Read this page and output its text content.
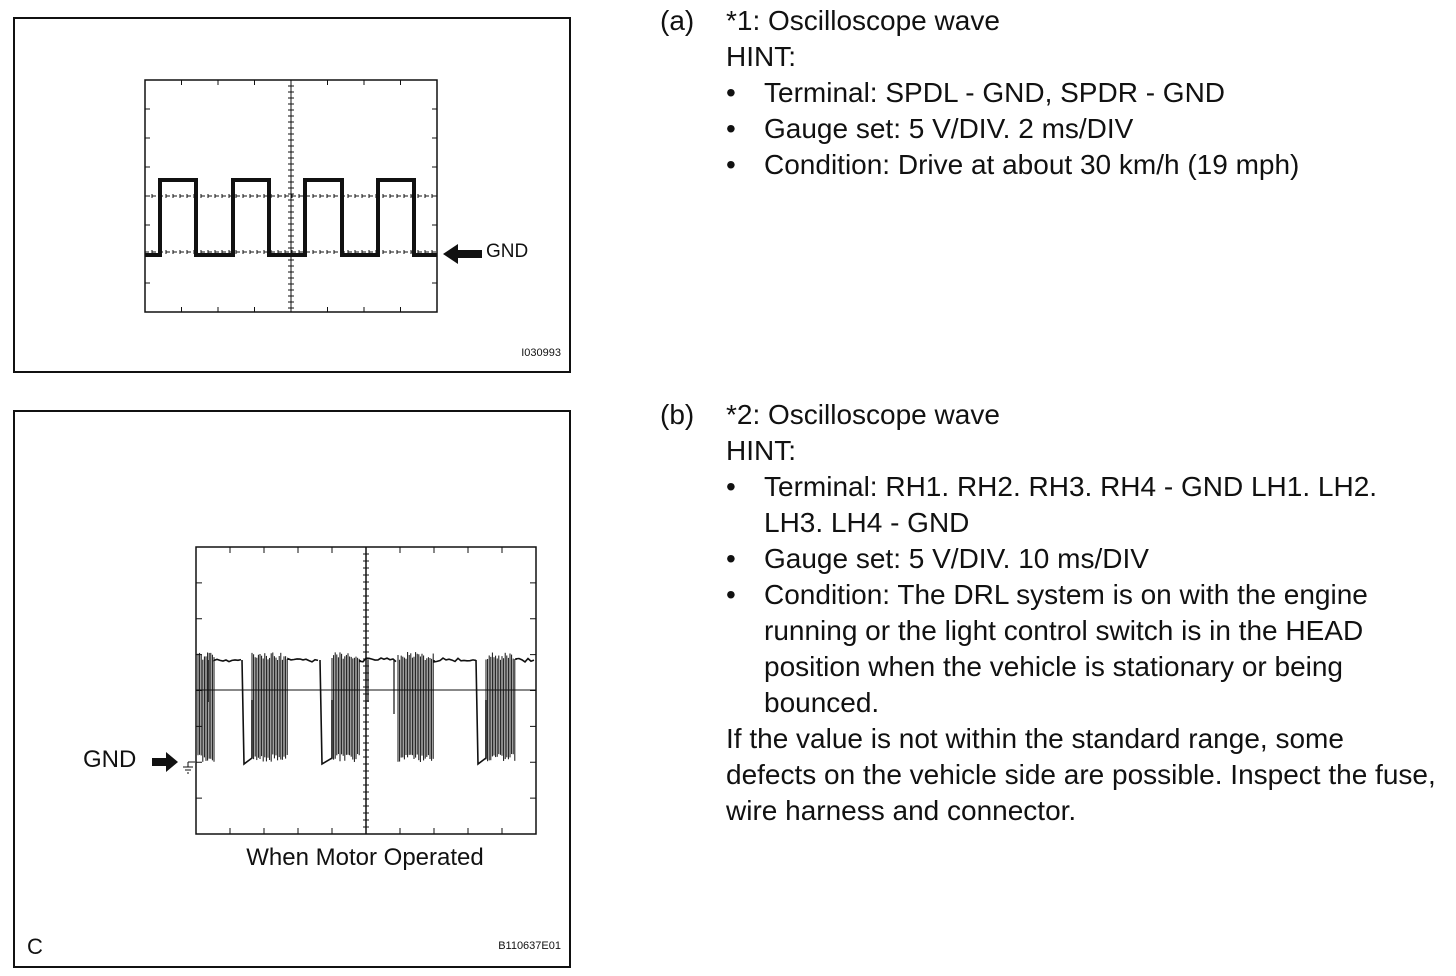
GND
I030993
GND
When Motor Operated
C	B110637E01
(a) *1: Oscilloscope wave
HINT:
• Terminal: SPDL - GND, SPDR - GND
• Gauge set: 5 V/DIV. 2 ms/DIV
• Condition: Drive at about 30 km/h (19 mph)
(b) *2: Oscilloscope wave
HINT:
• Terminal: RH1. RH2. RH3. RH4 - GND LH1. LH2. LH3. LH4 - GND
• Gauge set: 5 V/DIV. 10 ms/DIV
• Condition: The DRL system is on with the engine running or the light control switch is in the HEAD position when the vehicle is stationary or being bounced.
If the value is not within the standard range, some defects on the vehicle side are possible. Inspect the fuse, wire harness and connector.
